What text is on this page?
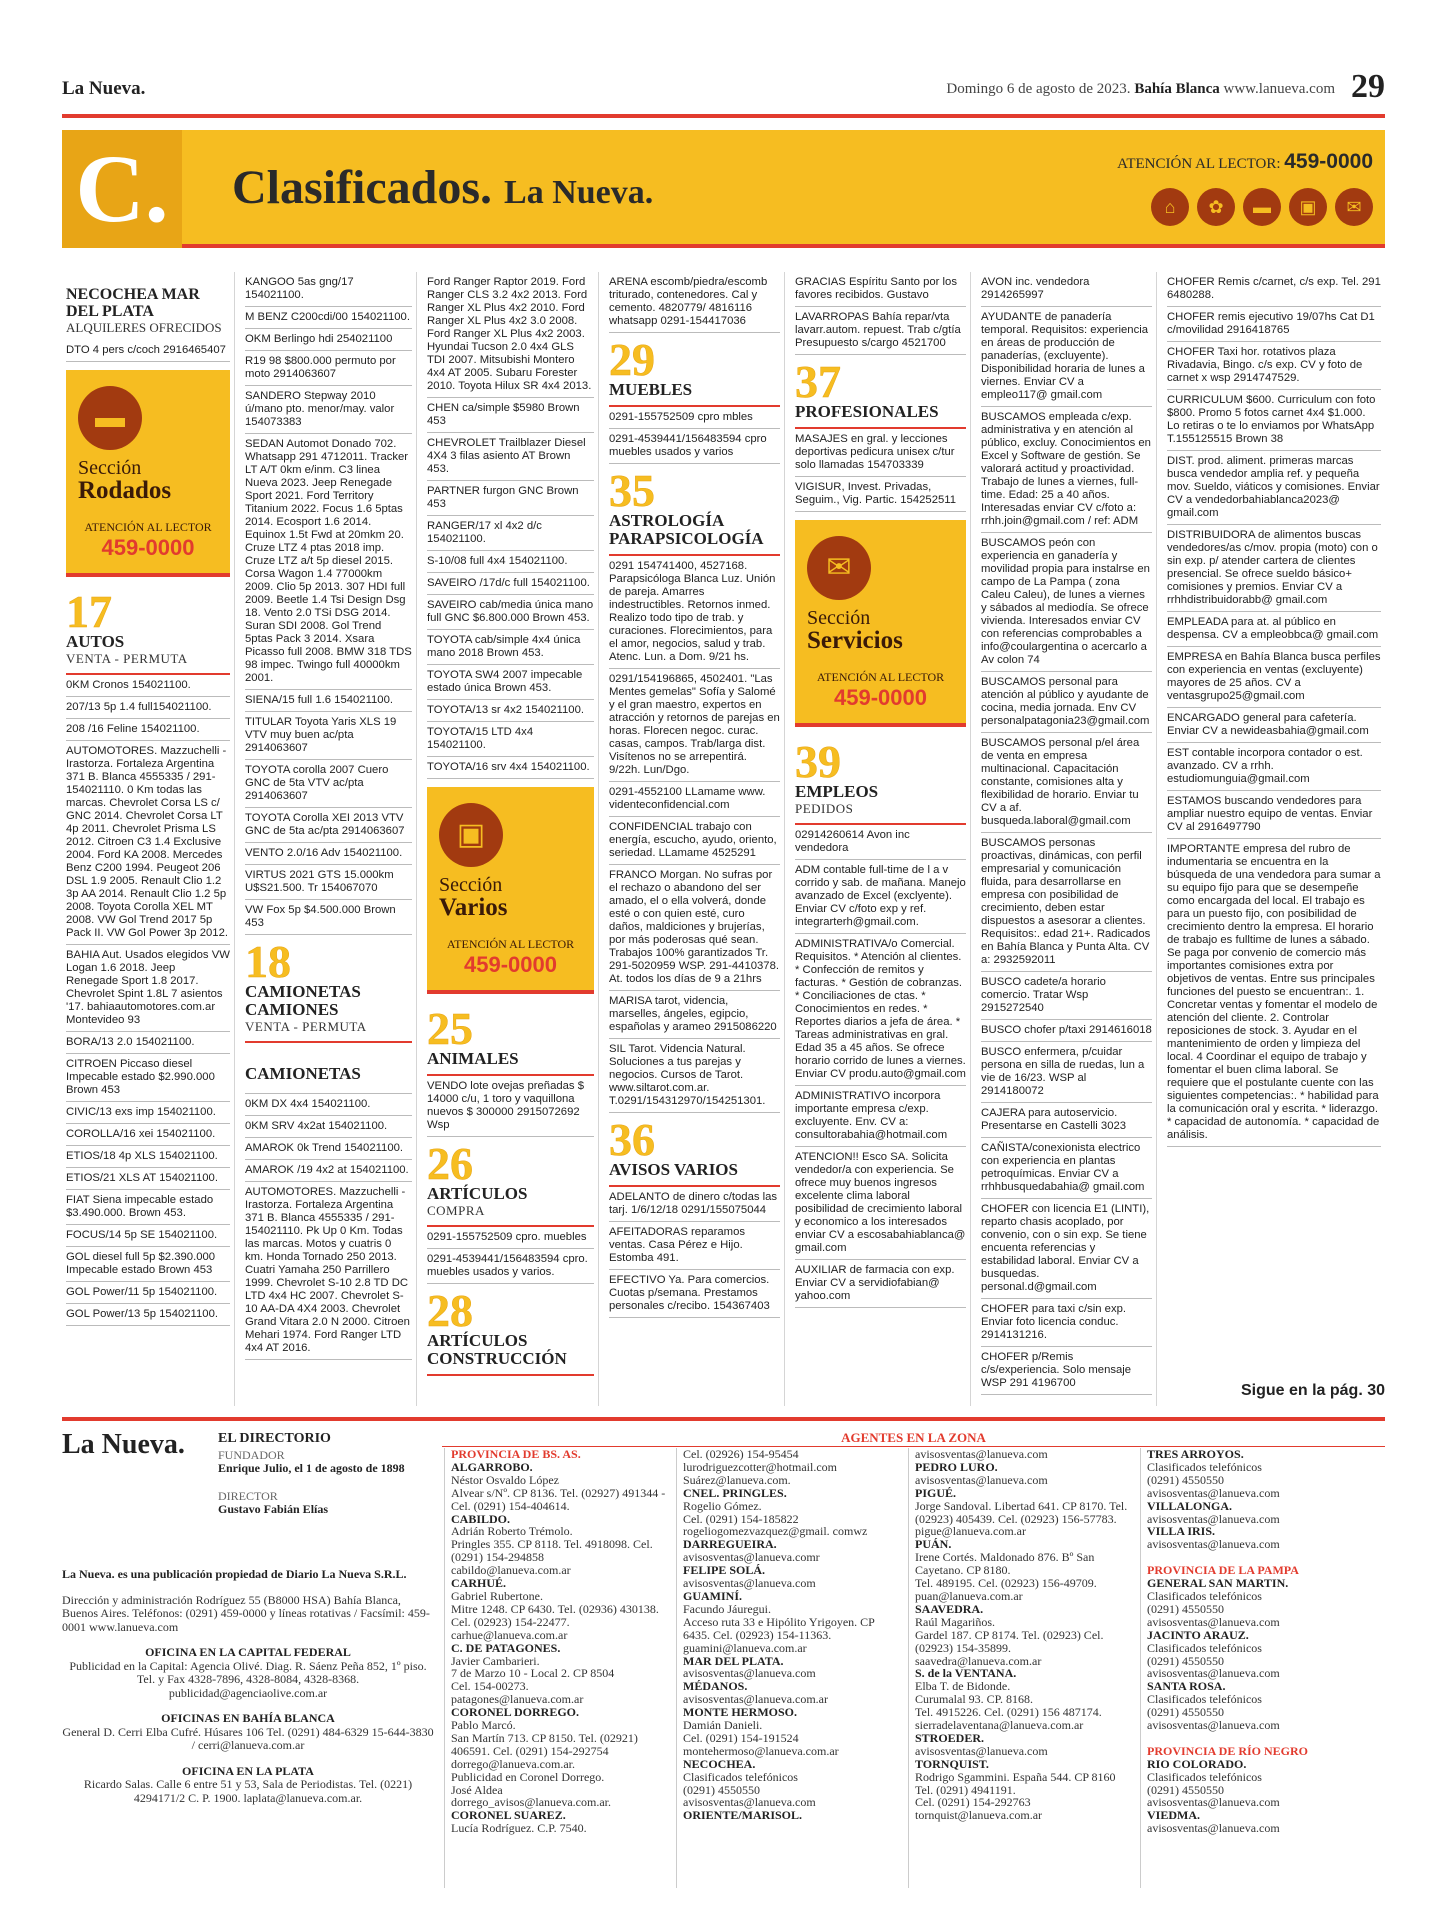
La Nueva.	Domingo 6 de agosto de 2023. Bahía Blanca www.lanueva.com 29
C. Clasificados. La Nueva.
ATENCIÓN AL LECTOR: 459-0000
⌂	✿	▬	▣	✉
NECOCHEA MAR DEL PLATA
ALQUILERES OFRECIDOS
DTO 4 pers c/coch 2916465407
▬
Sección
Rodados
ATENCIÓN AL LECTOR
459-0000
17
AUTOS
VENTA - PERMUTA
0KM Cronos 154021100.
207/13 5p 1.4 full154021100.
208 /16 Feline 154021100.
AUTOMOTORES. Mazzuchelli - Irastorza. Fortaleza Argentina 371 B. Blanca 4555335 / 291-154021110. 0 Km todas las marcas. Chevrolet Corsa LS c/ GNC 2014. Chevrolet Corsa LT 4p 2011. Chevrolet Prisma LS 2012. Citroen C3 1.4 Exclusive 2004. Ford KA 2008. Mercedes Benz C200 1994. Peugeot 206 DSL 1.9 2005. Renault Clio 1.2 3p AA 2014. Renault Clio 1.2 5p 2008. Toyota Corolla XEL MT 2008. VW Gol Trend 2017 5p Pack II. VW Gol Power 3p 2012.
BAHIA Aut. Usados elegidos VW Logan 1.6 2018. Jeep Renegade Sport 1.8 2017. Chevrolet Spint 1.8L 7 asientos '17. bahiaautomotores.com.ar Montevideo 93
BORA/13 2.0 154021100.
CITROEN Piccaso diesel Impecable estado $2.990.000 Brown 453
CIVIC/13 exs imp 154021100.
COROLLA/16 xei 154021100.
ETIOS/18 4p XLS 154021100.
ETIOS/21 XLS AT 154021100.
FIAT Siena impecable estado $3.490.000. Brown 453.
FOCUS/14 5p SE 154021100.
GOL diesel full 5p $2.390.000 Impecable estado Brown 453
GOL Power/11 5p 154021100.
GOL Power/13 5p 154021100.
KANGOO 5as gng/17 154021100.
M BENZ C200cdi/00 154021100.
OKM Berlingo hdi 254021100
R19 98 $800.000 permuto por moto 2914063607
SANDERO Stepway 2010 ú/mano pto. menor/may. valor 154073383
SEDAN Automot Donado 702. Whatsapp 291 4712011. Tracker LT A/T 0km e/inm. C3 linea Nueva 2023. Jeep Renegade Sport 2021. Ford Territory Titanium 2022. Focus 1.6 5ptas 2014. Ecosport 1.6 2014. Equinox 1.5t Fwd at 20mkm 20. Cruze LTZ 4 ptas 2018 imp. Cruze LTZ a/t 5p diesel 2015. Corsa Wagon 1.4 77000km 2009. Clio 5p 2013. 307 HDI full 2009. Beetle 1.4 Tsi Design Dsg 18. Vento 2.0 TSi DSG 2014. Suran SDI 2008. Gol Trend 5ptas Pack 3 2014. Xsara Picasso full 2008. BMW 318 TDS 98 impec. Twingo full 40000km 2001.
SIENA/15 full 1.6 154021100.
TITULAR Toyota Yaris XLS 19 VTV muy buen ac/pta 2914063607
TOYOTA corolla 2007 Cuero GNC de 5ta VTV ac/pta 2914063607
TOYOTA Corolla XEI 2013 VTV GNC de 5ta ac/pta 2914063607
VENTO 2.0/16 Adv 154021100.
VIRTUS 2021 GTS 15.000km U$S21.500. Tr 154067070
VW Fox 5p $4.500.000 Brown 453
18
CAMIONETAS CAMIONES
VENTA - PERMUTA
CAMIONETAS
0KM DX 4x4 154021100.
0KM SRV 4x2at 154021100.
AMAROK 0k Trend 154021100.
AMAROK /19 4x2 at 154021100.
AUTOMOTORES. Mazzuchelli - Irastorza. Fortaleza Argentina 371 B. Blanca 4555335 / 291-154021110. Pk Up 0 Km. Todas las marcas. Motos y cuatris 0 km. Honda Tornado 250 2013. Cuatri Yamaha 250 Parrillero 1999. Chevrolet S-10 2.8 TD DC LTD 4x4 HC 2007. Chevrolet S-10 AA-DA 4X4 2003. Chevrolet Grand Vitara 2.0 N 2000. Citroen Mehari 1974. Ford Ranger LTD 4x4 AT 2016.
Ford Ranger Raptor 2019. Ford Ranger CLS 3.2 4x2 2013. Ford Ranger XL Plus 4x2 2010. Ford Ranger XL Plus 4x2 3.0 2008. Ford Ranger XL Plus 4x2 2003. Hyundai Tucson 2.0 4x4 GLS TDI 2007. Mitsubishi Montero 4x4 AT 2005. Subaru Forester 2010. Toyota Hilux SR 4x4 2013.
CHEN ca/simple $5980 Brown 453
CHEVROLET Trailblazer Diesel 4X4 3 filas asiento AT Brown 453.
PARTNER furgon GNC Brown 453
RANGER/17 xl 4x2 d/c 154021100.
S-10/08 full 4x4 154021100.
SAVEIRO /17d/c full 154021100.
SAVEIRO cab/media única mano full GNC $6.800.000 Brown 453.
TOYOTA cab/simple 4x4 única mano 2018 Brown 453.
TOYOTA SW4 2007 impecable estado única Brown 453.
TOYOTA/13 sr 4x2 154021100.
TOYOTA/15 LTD 4x4 154021100.
TOYOTA/16 srv 4x4 154021100.
▣
Sección
Varios
ATENCIÓN AL LECTOR
459-0000
25
ANIMALES
VENDO lote ovejas preñadas $ 14000 c/u, 1 toro y vaquillona nuevos $ 300000 2915072692 Wsp
26
ARTÍCULOS
COMPRA
0291-155752509 cpro. muebles
0291-4539441/156483594 cpro. muebles usados y varios.
28
ARTÍCULOS CONSTRUCCIÓN
ARENA escomb/piedra/escomb triturado, contenedores. Cal y cemento. 4820779/ 4816116 whatsapp 0291-154417036
29
MUEBLES
0291-155752509 cpro mbles
0291-4539441/156483594 cpro muebles usados y varios
35
ASTROLOGÍA PARAPSICOLOGÍA
0291 154741400, 4527168. Parapsicóloga Blanca Luz. Unión de pareja. Amarres indestructibles. Retornos inmed. Realizo todo tipo de trab. y curaciones. Florecimientos, para el amor, negocios, salud y trab. Atenc. Lun. a Dom. 9/21 hs.
0291/154196865, 4502401. "Las Mentes gemelas" Sofía y Salomé y el gran maestro, expertos en atracción y retornos de parejas en horas. Florecen negoc. curac. casas, campos. Trab/larga dist. Visítenos no se arrepentirá. 9/22h. Lun/Dgo.
0291-4552100 LLamame www. videnteconfidencial.com
CONFIDENCIAL trabajo con energía, escucho, ayudo, oriento, seriedad. LLamame 4525291
FRANCO Morgan. No sufras por el rechazo o abandono del ser amado, el o ella volverá, donde esté o con quien esté, curo daños, maldiciones y brujerías, por más poderosas qué sean. Trabajos 100% garantizados Tr. 291-5020959 WSP. 291-4410378. At. todos los días de 9 a 21hrs
MARISA tarot, videncia, marselles, ángeles, egipcio, españolas y arameo 2915086220
SIL Tarot. Videncia Natural. Soluciones a tus parejas y negocios. Cursos de Tarot. www.siltarot.com.ar. T.0291/154312970/154251301.
36
AVISOS VARIOS
ADELANTO de dinero c/todas las tarj. 1/6/12/18 0291/155075044
AFEITADORAS reparamos ventas. Casa Pérez e Hijo. Estomba 491.
EFECTIVO Ya. Para comercios. Cuotas p/semana. Prestamos personales c/recibo. 154367403
GRACIAS Espíritu Santo por los favores recibidos. Gustavo
LAVARROPAS Bahía repar/vta lavarr.autom. repuest. Trab c/gtía Presupuesto s/cargo 4521700
37
PROFESIONALES
MASAJES en gral. y lecciones deportivas pedicura unisex c/tur solo llamadas 154703339
VIGISUR, Invest. Privadas, Seguim., Vig. Partic. 154252511
✉
Sección
Servicios
ATENCIÓN AL LECTOR
459-0000
39
EMPLEOS
PEDIDOS
02914260614 Avon inc vendedora
ADM contable full-time de l a v corrido y sab. de mañana. Manejo avanzado de Excel (exclyente). Enviar CV c/foto exp y ref. integrarterh@gmail.com.
ADMINISTRATIVA/o Comercial. Requisitos. * Atención al clientes. * Confección de remitos y facturas. * Gestión de cobranzas. * Conciliaciones de ctas. * Conocimientos en redes. * Reportes diarios a jefa de área. * Tareas administrativas en gral. Edad 35 a 45 años. Se ofrece horario corrido de lunes a viernes. Enviar CV produ.auto@gmail.com
ADMINISTRATIVO incorpora importante empresa c/exp. excluyente. Env. CV a: consultorabahia@hotmail.com
ATENCION!! Esco SA. Solicita vendedor/a con experiencia. Se ofrece muy buenos ingresos excelente clima laboral posibilidad de crecimiento laboral y economico a los interesados enviar CV a escosabahiablanca@ gmail.com
AUXILIAR de farmacia con exp. Enviar CV a servidiofabian@ yahoo.com
AVON inc. vendedora 2914265997
AYUDANTE de panadería temporal. Requisitos: experiencia en áreas de producción de panaderías, (excluyente). Disponibilidad horaria de lunes a viernes. Enviar CV a empleo117@ gmail.com
BUSCAMOS empleada c/exp. administrativa y en atención al público, excluy. Conocimientos en Excel y Software de gestión. Se valorará actitud y proactividad. Trabajo de lunes a viernes, full-time. Edad: 25 a 40 años. Interesadas enviar CV c/foto a: rrhh.join@gmail.com / ref: ADM
BUSCAMOS peón con experiencia en ganadería y movilidad propia para instalrse en campo de La Pampa ( zona Caleu Caleu), de lunes a viernes y sábados al mediodía. Se ofrece vivienda. Interesados enviar CV con referencias comprobables a info@coulargentina o acercarlo a Av colon 74
BUSCAMOS personal para atención al público y ayudante de cocina, media jornada. Env CV personalpatagonia23@gmail.com
BUSCAMOS personal p/el área de venta en empresa multinacional. Capacitación constante, comisiones alta y flexibilidad de horario. Enviar tu CV a af. busqueda.laboral@gmail.com
BUSCAMOS personas proactivas, dinámicas, con perfil empresarial y comunicación fluida, para desarrollarse en empresa con posibilidad de crecimiento, deben estar dispuestos a asesorar a clientes. Requisitos:. edad 21+. Radicados en Bahía Blanca y Punta Alta. CV a: 2932592011
BUSCO cadete/a horario comercio. Tratar Wsp 2915272540
BUSCO chofer p/taxi 2914616018
BUSCO enfermera, p/cuidar persona en silla de ruedas, lun a vie de 16/23. WSP al 2914180072
CAJERA para autoservicio. Presentarse en Castelli 3023
CAÑISTA/conexionista electrico con experiencia en plantas petroquímicas. Enviar CV a rrhhbusquedabahia@ gmail.com
CHOFER con licencia E1 (LINTI), reparto chasis acoplado, por convenio, con o sin exp. Se tiene encuenta referencias y estabilidad laboral. Enviar CV a busquedas. personal.d@gmail.com
CHOFER para taxi c/sin exp. Enviar foto licencia conduc. 2914131216.
CHOFER p/Remis c/s/experiencia. Solo mensaje WSP 291 4196700
CHOFER Remis c/carnet, c/s exp. Tel. 291 6480288.
CHOFER remis ejecutivo 19/07hs Cat D1 c/movilidad 2916418765
CHOFER Taxi hor. rotativos plaza Rivadavia, Bingo. c/s exp. CV y foto de carnet x wsp 2914747529.
CURRICULUM $600. Curriculum con foto $800. Promo 5 fotos carnet 4x4 $1.000. Lo retiras o te lo enviamos por WhatsApp T.155125515 Brown 38
DIST. prod. aliment. primeras marcas busca vendedor amplia ref. y pequeña mov. Sueldo, viáticos y comisiones. Enviar CV a vendedorbahiablanca2023@ gmail.com
DISTRIBUIDORA de alimentos buscas vendedores/as c/mov. propia (moto) con o sin exp. p/ atender cartera de clientes presencial. Se ofrece sueldo básico+ comisiones y premios. Enviar CV a rrhhdistribuidorabb@ gmail.com
EMPLEADA para at. al público en despensa. CV a empleobbca@ gmail.com
EMPRESA en Bahía Blanca busca perfiles con experiencia en ventas (excluyente) mayores de 25 años. CV a ventasgrupo25@gmail.com
ENCARGADO general para cafetería. Enviar CV a newideasbahia@gmail.com
EST contable incorpora contador o est. avanzado. CV a rrhh. estudiomunguia@gmail.com
ESTAMOS buscando vendedores para ampliar nuestro equipo de ventas. Enviar CV al 2916497790
IMPORTANTE empresa del rubro de indumentaria se encuentra en la búsqueda de una vendedora para sumar a su equipo fijo para que se desempeñe como encargada del local. El trabajo es para un puesto fijo, con posibilidad de crecimiento dentro la empresa. El horario de trabajo es fulltime de lunes a sábado. Se paga por convenio de comercio más importantes comisiones extra por objetivos de ventas. Entre sus principales funciones del puesto se encuentran:. 1. Concretar ventas y fomentar el modelo de atención del cliente. 2. Controlar reposiciones de stock. 3. Ayudar en el mantenimiento de orden y limpieza del local. 4 Coordinar el equipo de trabajo y fomentar el buen clima laboral. Se requiere que el postulante cuente con las siguientes competencias:. * habilidad para la comunicación oral y escrita. * liderazgo. * capacidad de autonomía. * capacidad de análisis.
Sigue en la pág. 30
La Nueva. EL DIRECTORIO
FUNDADOR
Enrique Julio, el 1 de agosto de 1898
DIRECTOR
Gustavo Fabián Elías
La Nueva. es una publicación propiedad de Diario La Nueva S.R.L.
Dirección y administración Rodríguez 55 (B8000 HSA) Bahía Blanca, Buenos Aires. Teléfonos: (0291) 459-0000 y líneas rotativas / Facsímil: 459-0001 www.lanueva.com
OFICINA EN LA CAPITAL FEDERAL
Publicidad en la Capital: Agencia Olivé. Diag. R. Sáenz Peña 852, 1º piso. Tel. y Fax 4328-7896, 4328-8084, 4328-8368. publicidad@agenciaolive.com.ar
OFICINAS EN BAHÍA BLANCA
General D. Cerri Elba Cufré. Húsares 106 Tel. (0291) 484-6329 15-644-3830 / cerri@lanueva.com.ar
OFICINA EN LA PLATA
Ricardo Salas. Calle 6 entre 51 y 53, Sala de Periodistas. Tel. (0221) 4294171/2 C. P. 1900. laplata@lanueva.com.ar.
AGENTES EN LA ZONA
PROVINCIA DE BS. AS.
ALGARROBO.
Néstor Osvaldo López
Alvear s/Nº. CP 8136. Tel. (02927) 491344 - Cel. (0291) 154-404614.
CABILDO.
Adrián Roberto Trémolo.
Pringles 355. CP 8118. Tel. 4918098. Cel. (0291) 154-294858
cabildo@lanueva.com.ar
CARHUÉ.
Gabriel Rubertone.
Mitre 1248. CP 6430. Tel. (02936) 430138. Cel. (02923) 154-22477.
carhue@lanueva.com.ar
C. DE PATAGONES.
Javier Cambarieri.
7 de Marzo 10 - Local 2. CP 8504
Cel. 154-00273.
patagones@lanueva.com.ar
CORONEL DORREGO.
Pablo Marcó.
San Martín 713. CP 8150. Tel. (02921) 406591. Cel. (0291) 154-292754
dorrego@lanueva.com.ar.
Publicidad en Coronel Dorrego.
José Aldea
dorrego_avisos@lanueva.com.ar.
CORONEL SUAREZ.
Lucía Rodríguez. C.P. 7540.
Cel. (02926) 154-95454
lurodriguezcotter@hotmail.com
Suárez@lanueva.com.
CNEL. PRINGLES.
Rogelio Gómez.
Cel. (0291) 154-185822
rogeliogomezvazquez@gmail. comwz
DARREGUEIRA.
avisosventas@lanueva.comr
FELIPE SOLÁ.
avisosventas@lanueva.com
GUAMINÍ.
Facundo Jáuregui.
Acceso ruta 33 e Hipólito Yrigoyen. CP 6435. Cel. (02923) 154-11363.
guamini@lanueva.com.ar
MAR DEL PLATA.
avisosventas@lanueva.com
MÉDANOS.
avisosventas@lanueva.com.ar
MONTE HERMOSO.
Damián Danieli.
Cel. (0291) 154-191524
montehermoso@lanueva.com.ar
NECOCHEA.
Clasificados telefónicos
(0291) 4550550
avisosventas@lanueva.com
ORIENTE/MARISOL.
avisosventas@lanueva.com
PEDRO LURO.
avisosventas@lanueva.com
PIGUÉ.
Jorge Sandoval. Libertad 641. CP 8170. Tel. (02923) 405439. Cel. (02923) 156-57783.
pigue@lanueva.com.ar
PUÁN.
Irene Cortés. Maldonado 876. Bº San Cayetano. CP 8180.
Tel. 489195. Cel. (02923) 156-49709.
puan@lanueva.com.ar
SAAVEDRA.
Raúl Magariños.
Gardel 187. CP 8174. Tel. (02923) Cel. (02923) 154-35899.
saavedra@lanueva.com.ar
S. de la VENTANA.
Elba T. de Bidonde.
Curumalal 93. CP. 8168.
Tel. 4915226. Cel. (0291) 156 487174.
sierradelaventana@lanueva.com.ar
STROEDER.
avisosventas@lanueva.com
TORNQUIST.
Rodrigo Sgammini. España 544. CP 8160 Tel. (0291) 4941191.
Cel. (0291) 154-292763
tornquist@lanueva.com.ar
TRES ARROYOS.
Clasificados telefónicos
(0291) 4550550
avisosventas@lanueva.com
VILLALONGA.
avisosventas@lanueva.com
VILLA IRIS.
avisosventas@lanueva.com

PROVINCIA DE LA PAMPA
GENERAL SAN MARTIN.
Clasificados telefónicos
(0291) 4550550
avisosventas@lanueva.com
JACINTO ARAUZ.
Clasificados telefónicos
(0291) 4550550
avisosventas@lanueva.com
SANTA ROSA.
Clasificados telefónicos
(0291) 4550550
avisosventas@lanueva.com

PROVINCIA DE RÍO NEGRO
RIO COLORADO.
Clasificados telefónicos
(0291) 4550550
avisosventas@lanueva.com
VIEDMA.
avisosventas@lanueva.com
